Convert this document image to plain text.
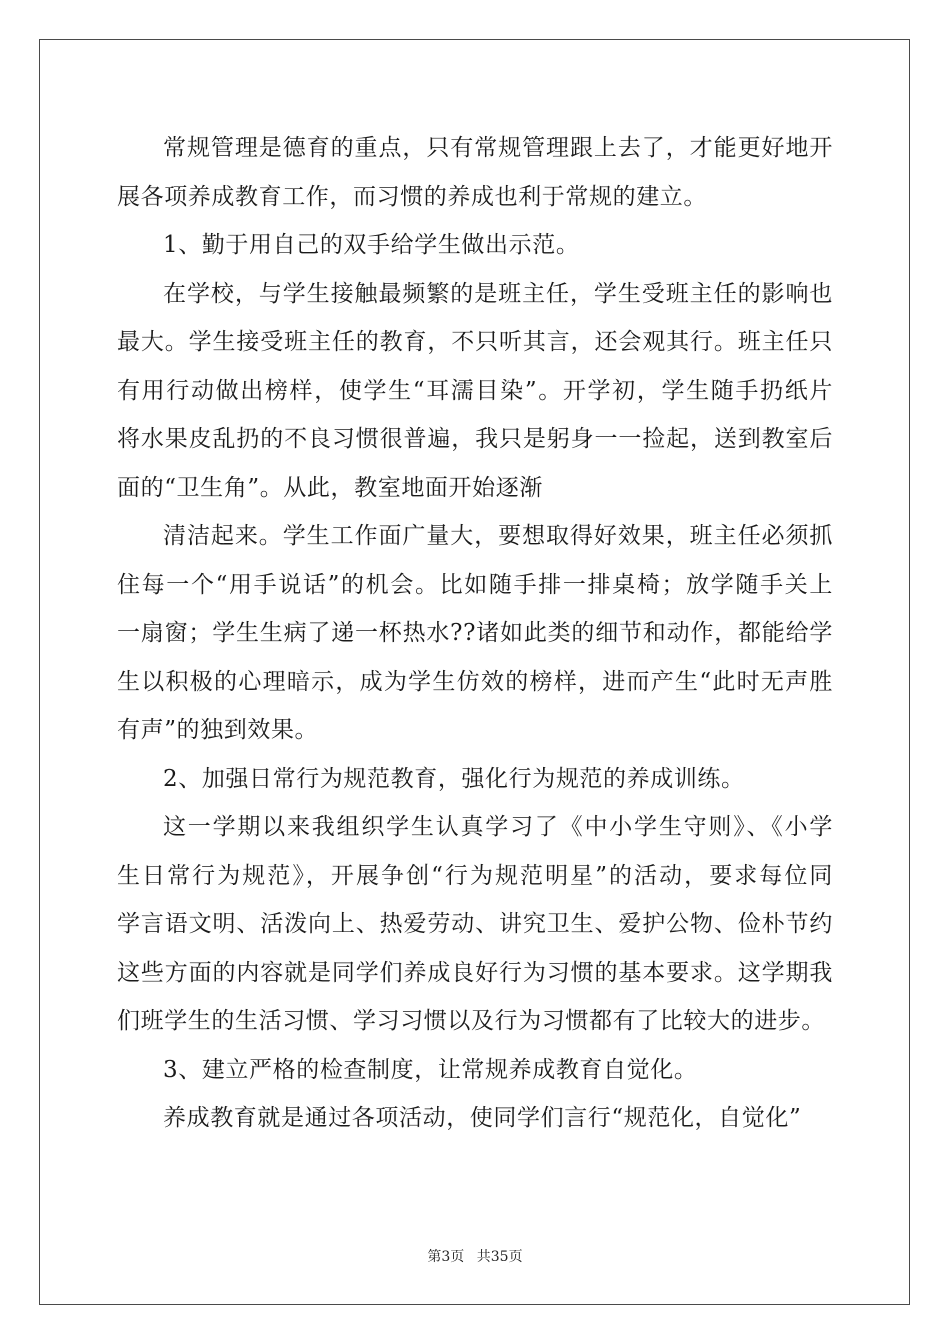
常规管理是德育的重点，只有常规管理跟上去了，才能更好地开
展各项养成教育工作，而习惯的养成也利于常规的建立。
1、勤于用自己的双手给学生做出示范。
在学校，与学生接触最频繁的是班主任，学生受班主任的影响也
最大。学生接受班主任的教育，不只听其言，还会观其行。班主任只
有用行动做出榜样，使学生“耳濡目染”。开学初，学生随手扔纸片
将水果皮乱扔的不良习惯很普遍，我只是躬身一一捡起，送到教室后
面的“卫生角”。从此，教室地面开始逐渐
清洁起来。学生工作面广量大，要想取得好效果，班主任必须抓
住每一个“用手说话”的机会。比如随手排一排桌椅；放学随手关上
一扇窗；学生生病了递一杯热水??诸如此类的细节和动作，都能给学
生以积极的心理暗示，成为学生仿效的榜样，进而产生“此时无声胜
有声”的独到效果。
2、加强日常行为规范教育，强化行为规范的养成训练。
这一学期以来我组织学生认真学习了《中小学生守则》、《小学
生日常行为规范》，开展争创“行为规范明星”的活动，要求每位同
学言语文明、活泼向上、热爱劳动、讲究卫生、爱护公物、俭朴节约
这些方面的内容就是同学们养成良好行为习惯的基本要求。这学期我
们班学生的生活习惯、学习习惯以及行为习惯都有了比较大的进步。
3、建立严格的检查制度，让常规养成教育自觉化。
养成教育就是通过各项活动，使同学们言行“规范化，自觉化”
第3页 共35页
